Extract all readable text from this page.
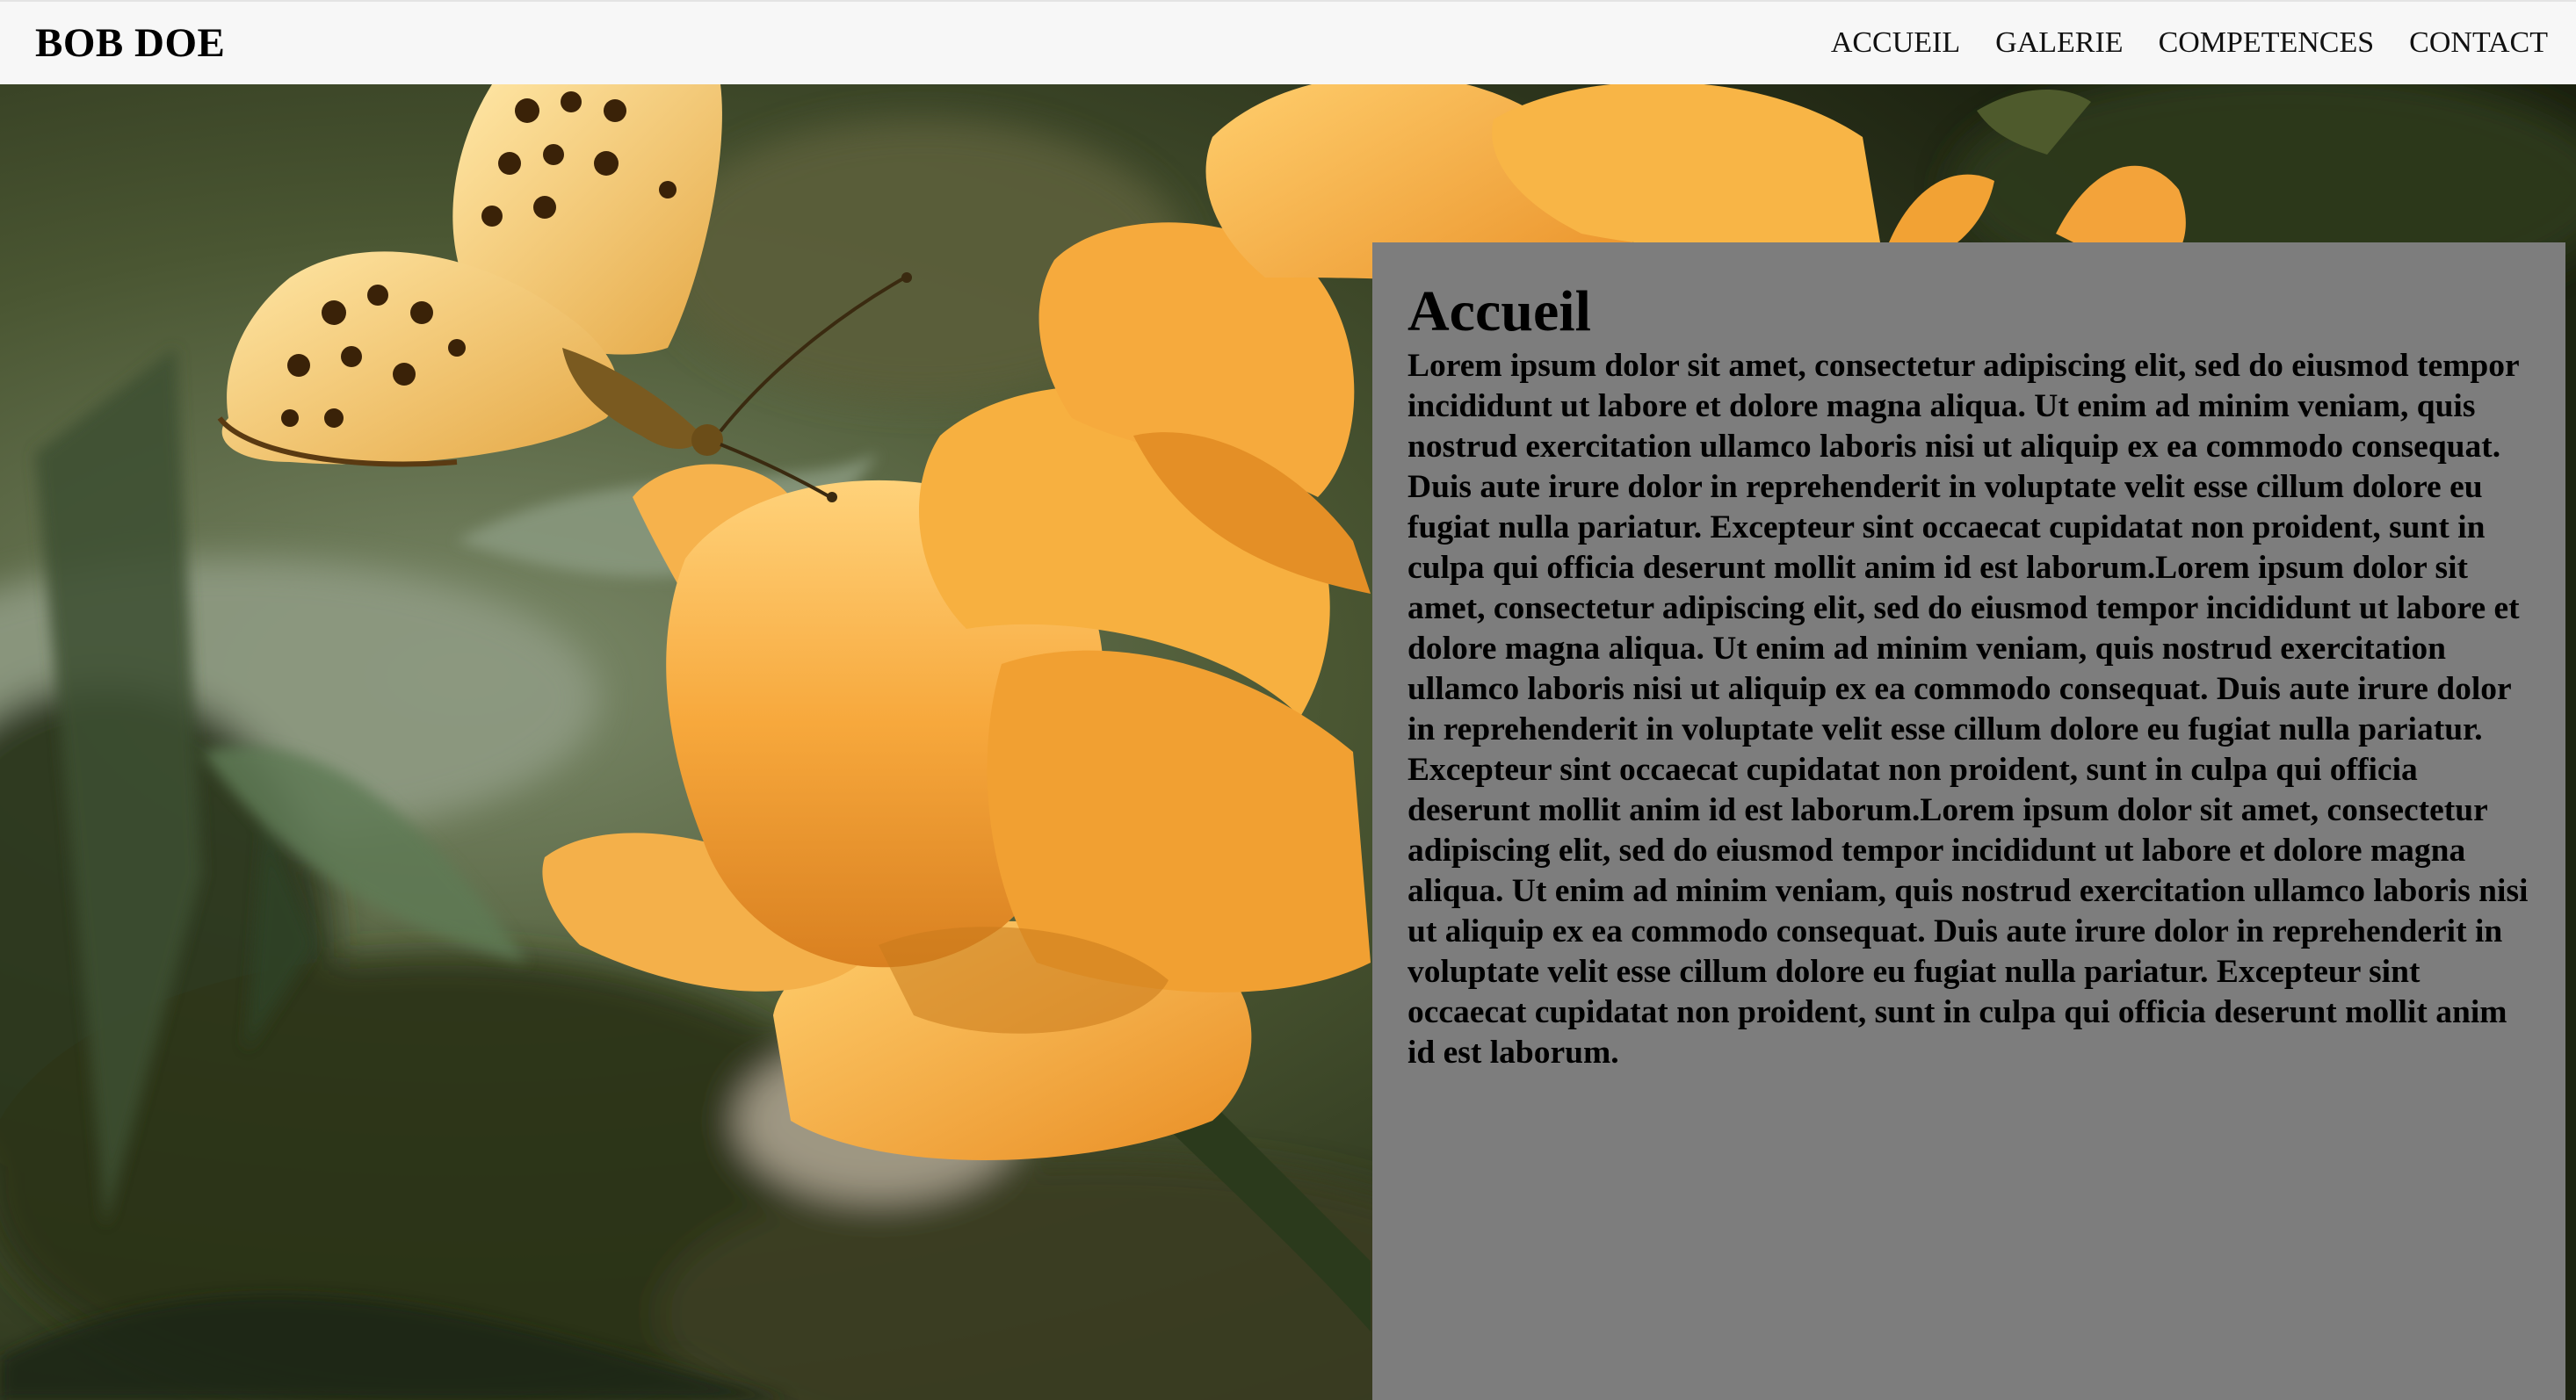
BOB DOE	ACCUEIL GALERIE COMPETENCES CONTACT
Accueil

Lorem ipsum dolor sit amet, consectetur adipiscing elit, sed do eiusmod tempor incididunt ut labore et dolore magna aliqua. Ut enim ad minim veniam, quis nostrud exercitation ullamco laboris nisi ut aliquip ex ea commodo consequat. Duis aute irure dolor in reprehenderit in voluptate velit esse cillum dolore eu fugiat nulla pariatur. Excepteur sint occaecat cupidatat non proident, sunt in culpa qui officia deserunt mollit anim id est laborum.Lorem ipsum dolor sit amet, consectetur adipiscing elit, sed do eiusmod tempor incididunt ut labore et dolore magna aliqua. Ut enim ad minim veniam, quis nostrud exercitation ullamco laboris nisi ut aliquip ex ea commodo consequat. Duis aute irure dolor in reprehenderit in voluptate velit esse cillum dolore eu fugiat nulla pariatur. Excepteur sint occaecat cupidatat non proident, sunt in culpa qui officia deserunt mollit anim id est laborum.Lorem ipsum dolor sit amet, consectetur adipiscing elit, sed do eiusmod tempor incididunt ut labore et dolore magna aliqua. Ut enim ad minim veniam, quis nostrud exercitation ullamco laboris nisi ut aliquip ex ea commodo consequat. Duis aute irure dolor in reprehenderit in voluptate velit esse cillum dolore eu fugiat nulla pariatur. Excepteur sint occaecat cupidatat non proident, sunt in culpa qui officia deserunt mollit anim id est laborum.
